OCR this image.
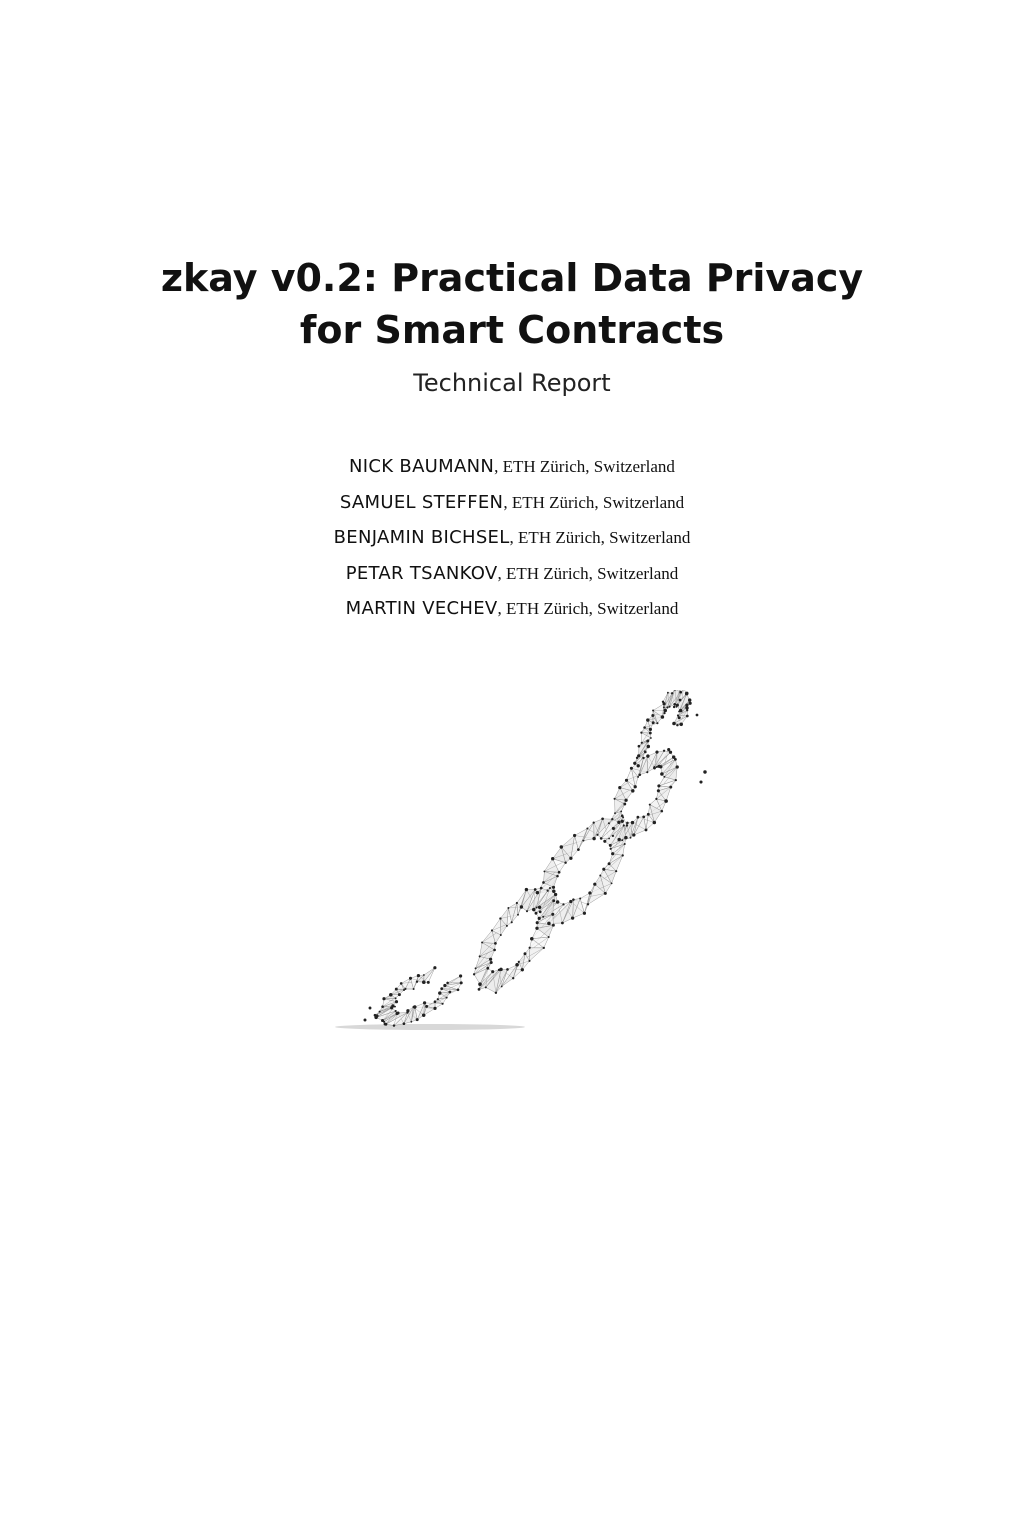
zkay v0.2: Practical Data Privacy
for Smart Contracts
Technical Report
NICK BAUMANN, ETH Zürich, Switzerland
SAMUEL STEFFEN, ETH Zürich, Switzerland
BENJAMIN BICHSEL, ETH Zürich, Switzerland
PETAR TSANKOV, ETH Zürich, Switzerland
MARTIN VECHEV, ETH Zürich, Switzerland
